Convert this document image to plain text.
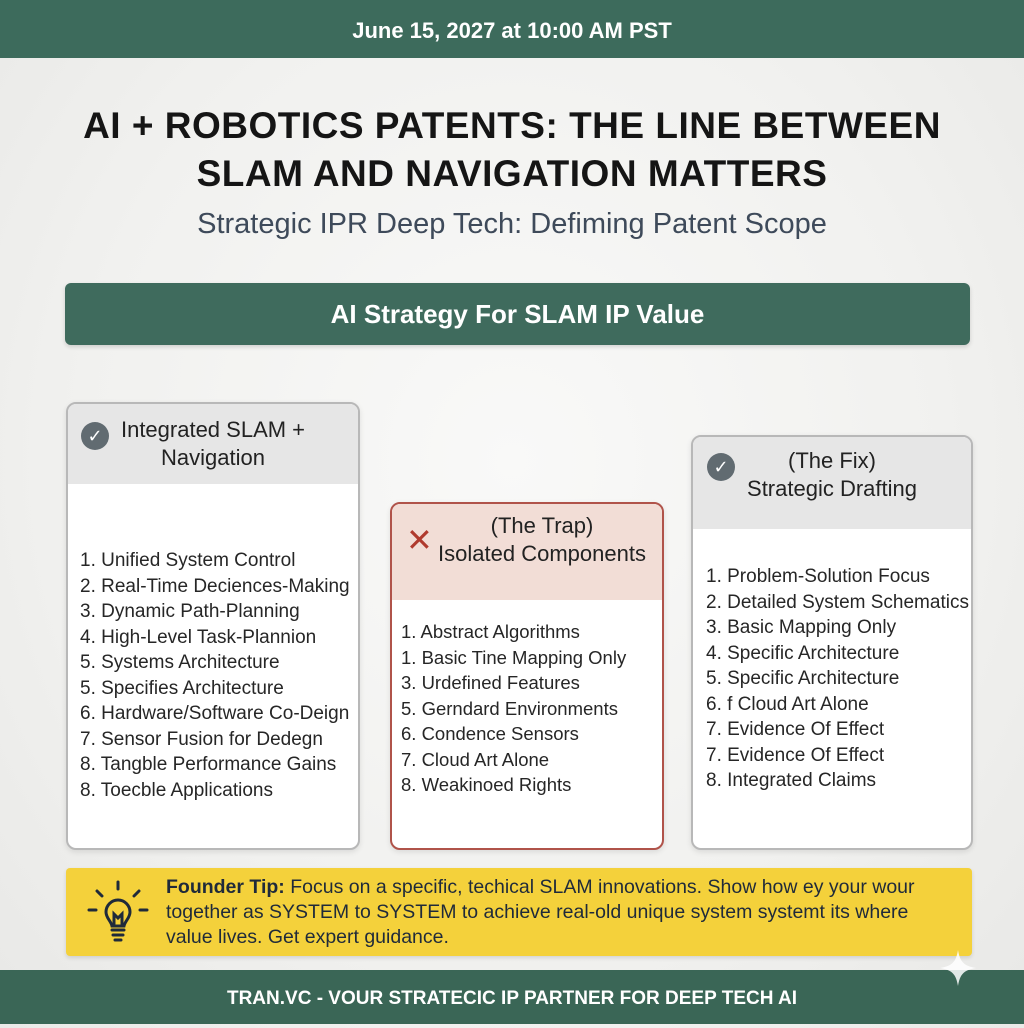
June 15, 2027 at 10:00 AM PST
AI + ROBOTICS PATENTS: THE LINE BETWEEN
SLAM AND NAVIGATION MATTERS
Strategic IPR Deep Tech: Defiming Patent Scope
AI Strategy For SLAM IP Value
✓ Integrated SLAM +
Navigation
1. Unified System Control
2. Real-Time Deciences-Making
3. Dynamic Path-Planning
4. High-Level Task-Plannion
5. Systems Architecture
5. Specifies Architecture
6. Hardware/Software Co-Deign
7. Sensor Fusion for Dedegn
8. Tangble Performance Gains
8. Toecble Applications
✕	(The Trap)
Isolated Components
1. Abstract Algorithms
1. Basic Tine Mapping Only
3. Urdefined Features
5. Gerndard Environments
6. Condence Sensors
7. Cloud Art Alone
8. Weakinoed Rights
✓	(The Fix)
Strategic Drafting
1. Problem-Solution Focus
2. Detailed System Schematics
3. Basic Mapping Only
4. Specific Architecture
5. Specific Architecture
6. f Cloud Art Alone
7. Evidence Of Effect
7. Evidence Of Effect
8. Integrated Claims
Founder Tip: Focus on a specific, techical SLAM innovations. Show how ey your wour together as SYSTEM to SYSTEM to achieve real-old unique system systemt its where value lives. Get expert guidance.
TRAN.VC - VOUR STRATECIC IP PARTNER FOR DEEP TECH AI
